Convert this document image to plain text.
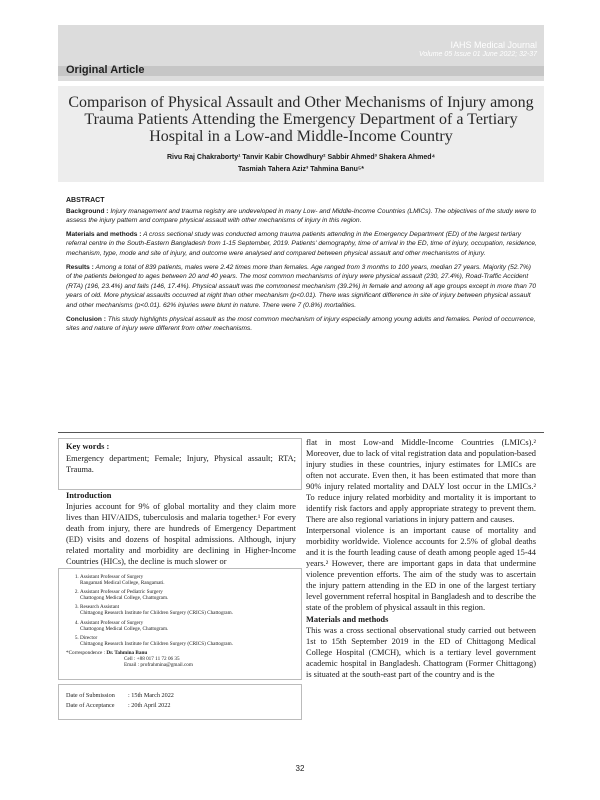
Original Article
IAHS Medical Journal
Volume 05 Issue 01 June 2022; 32-37
Comparison of Physical Assault and Other Mechanisms of Injury among Trauma Patients Attending the Emergency Department of a Tertiary Hospital in a Low-and Middle-Income Country
Rivu Raj Chakraborty¹ Tanvir Kabir Chowdhury² Sabbir Ahmed³ Shakera Ahmed⁴
Tasmiah Tahera Aziz³ Tahmina Banu⁵*
ABSTRACT

Background : Injury management and trauma registry are undeveloped in many Low- and Middle-Income Countries (LMICs). The objectives of the study were to assess the injury pattern and compare physical assault with other mechanisms of injury in this region.

Materials and methods : A cross sectional study was conducted among trauma patients attending in the Emergency Department (ED) of the largest tertiary referral centre in the South-Eastern Bangladesh from 1-15 September, 2019. Patients' demography, time of arrival in the ED, time of injury, occupation, residence, mechanism, type, mode and site of injury, and outcome were analysed and compared between physical assault and other mechanisms of injury.

Results : Among a total of 839 patients, males were 2.42 times more than females. Age ranged from 3 months to 100 years, median 27 years. Majority (52.7%) of the patients belonged to ages between 20 and 40 years. The most common mechanisms of injury were physical assault (230, 27.4%), Road-Traffic Accident (RTA) (196, 23.4%) and falls (146, 17.4%). Physical assault was the commonest mechanism (39.2%) in female and among all age groups except in more than 70 years of old. More physical assaults occurred at night than other mechanism (p<0.01). There was significant difference in site of injury between physical assault and other mechanisms (p<0.01). 62% injuries were blunt in nature. There were 7 (0.8%) mortalities.

Conclusion : This study highlights physical assault as the most common mechanism of injury especially among young adults and females. Period of occurrence, sites and nature of injury were different from other mechanisms.

Key words :
Emergency department; Female; Injury, Physical assault; RTA; Trauma.
Introduction
Injuries account for 9% of global mortality and they claim more lives than HIV/AIDS, tuberculosis and malaria together.¹ For every death from injury, there are hundreds of Emergency Department (ED) visits and dozens of hospital admissions. Although, injury related mortality and morbidity are declining in Higher-Income Countries (HICs), the decline is much slower or
1. Assistant Professor of Surgery
Rangamati Medical College, Rangamati.
2. Assistant Professor of Pediatric Surgery
Chattogong Medical College, Chattogram.
3. Research Assistant
Chittagong Research Institute for Children Surgery (CRICS) Chattogram.
4. Assistant Professor of Surgery
Chattogong Medical College, Chattogram.
5. Director
Chittagong Research Institute for Children Surgery (CRICS) Chattogram.
*Correspondence : Dr. Tahmina Banu
Cell : +88 017 11 72 06 35
Email : profrahmina@gmail.com
Date of Submission : 15th March 2022
Date of Acceptance : 20th April 2022
flat in most Low-and Middle-Income Countries (LMICs).² Moreover, due to lack of vital registration data and population-based injury studies in these countries, injury estimates for LMICs are often not accurate. Even then, it has been estimated that more than 90% injury related mortality and DALY lost occur in the LMICs.² To reduce injury related morbidity and mortality it is important to identify risk factors and apply appropriate strategy to prevent them. There are also regional variations in injury pattern and causes.
Interpersonal violence is an important cause of mortality and morbidity worldwide. Violence accounts for 2.5% of global deaths and it is the fourth leading cause of death among people aged 15-44 years.² However, there are important gaps in data that undermine violence prevention efforts. The aim of the study was to ascertain the injury pattern attending in the ED in one of the largest tertiary level government referral hospital in Bangladesh and to describe the state of the problem of physical assault in this region.
Materials and methods
This was a cross sectional observational study carried out between 1st to 15th September 2019 in the ED of Chittagong Medical College Hospital (CMCH), which is a tertiary level government academic hospital in Bangladesh. Chattogram (Former Chittagong) is situated at the south-east part of the country and is the
32
